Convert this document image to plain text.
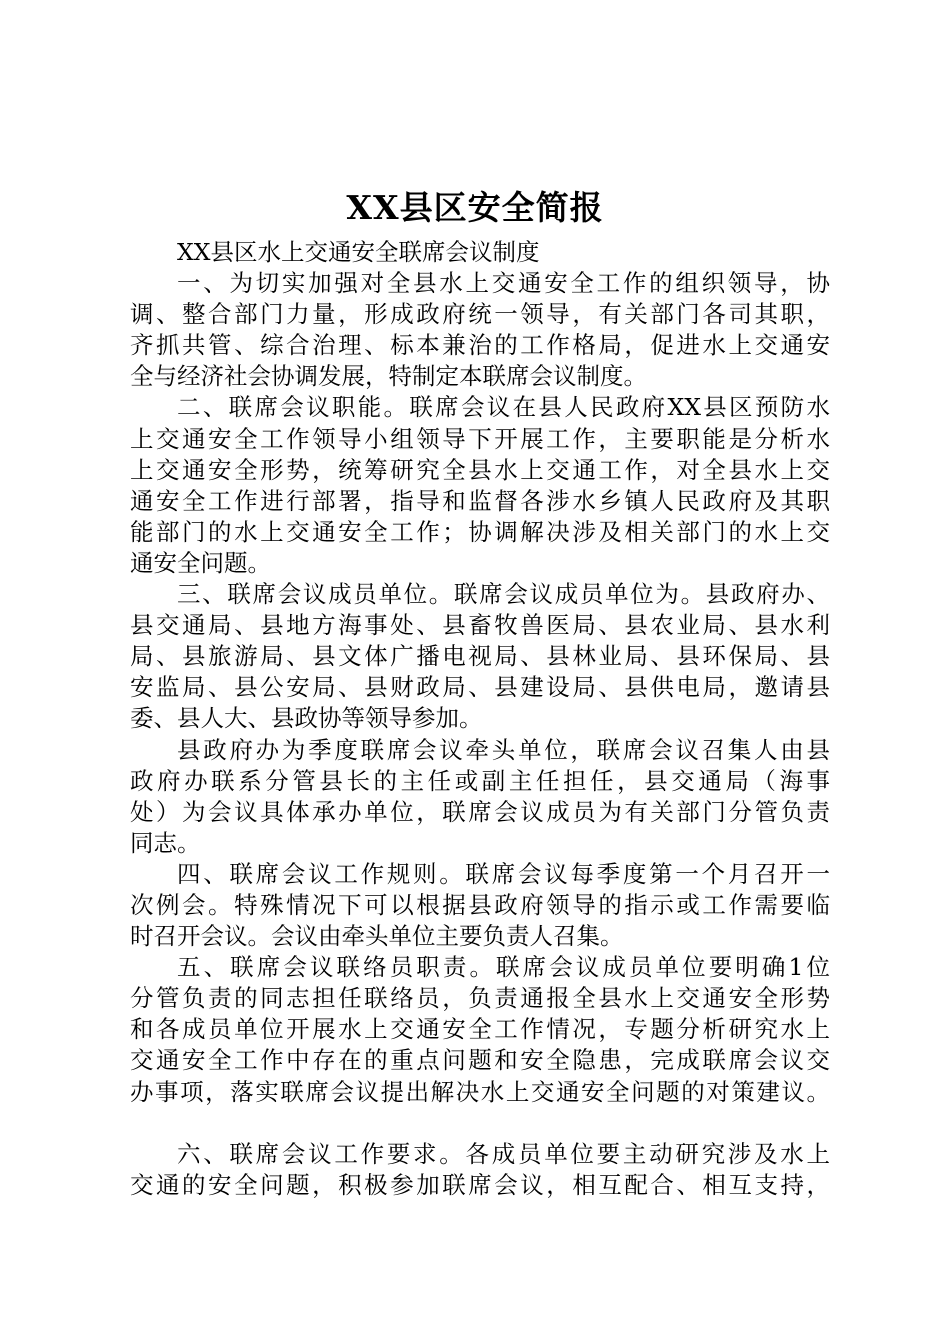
XX县区安全简报
XX县区水上交通安全联席会议制度
一、为切实加强对全县水上交通安全工作的组织领导，协
调、整合部门力量，形成政府统一领导，有关部门各司其职，
齐抓共管、综合治理、标本兼治的工作格局，促进水上交通安
全与经济社会协调发展，特制定本联席会议制度。
二、联席会议职能。联席会议在县人民政府XX县区预防水
上交通安全工作领导小组领导下开展工作，主要职能是分析水
上交通安全形势，统筹研究全县水上交通工作，对全县水上交
通安全工作进行部署，指导和监督各涉水乡镇人民政府及其职
能部门的水上交通安全工作；协调解决涉及相关部门的水上交
通安全问题。
三、联席会议成员单位。联席会议成员单位为。县政府办、
县交通局、县地方海事处、县畜牧兽医局、县农业局、县水利
局、县旅游局、县文体广播电视局、县林业局、县环保局、县
安监局、县公安局、县财政局、县建设局、县供电局，邀请县
委、县人大、县政协等领导参加。
县政府办为季度联席会议牵头单位，联席会议召集人由县
政府办联系分管县长的主任或副主任担任，县交通局（海事
处）为会议具体承办单位，联席会议成员为有关部门分管负责
同志。
四、联席会议工作规则。联席会议每季度第一个月召开一
次例会。特殊情况下可以根据县政府领导的指示或工作需要临
时召开会议。会议由牵头单位主要负责人召集。
五、联席会议联络员职责。联席会议成员单位要明确1位
分管负责的同志担任联络员，负责通报全县水上交通安全形势
和各成员单位开展水上交通安全工作情况，专题分析研究水上
交通安全工作中存在的重点问题和安全隐患，完成联席会议交
办事项，落实联席会议提出解决水上交通安全问题的对策建议。
六、联席会议工作要求。各成员单位要主动研究涉及水上
交通的安全问题，积极参加联席会议，相互配合、相互支持，
